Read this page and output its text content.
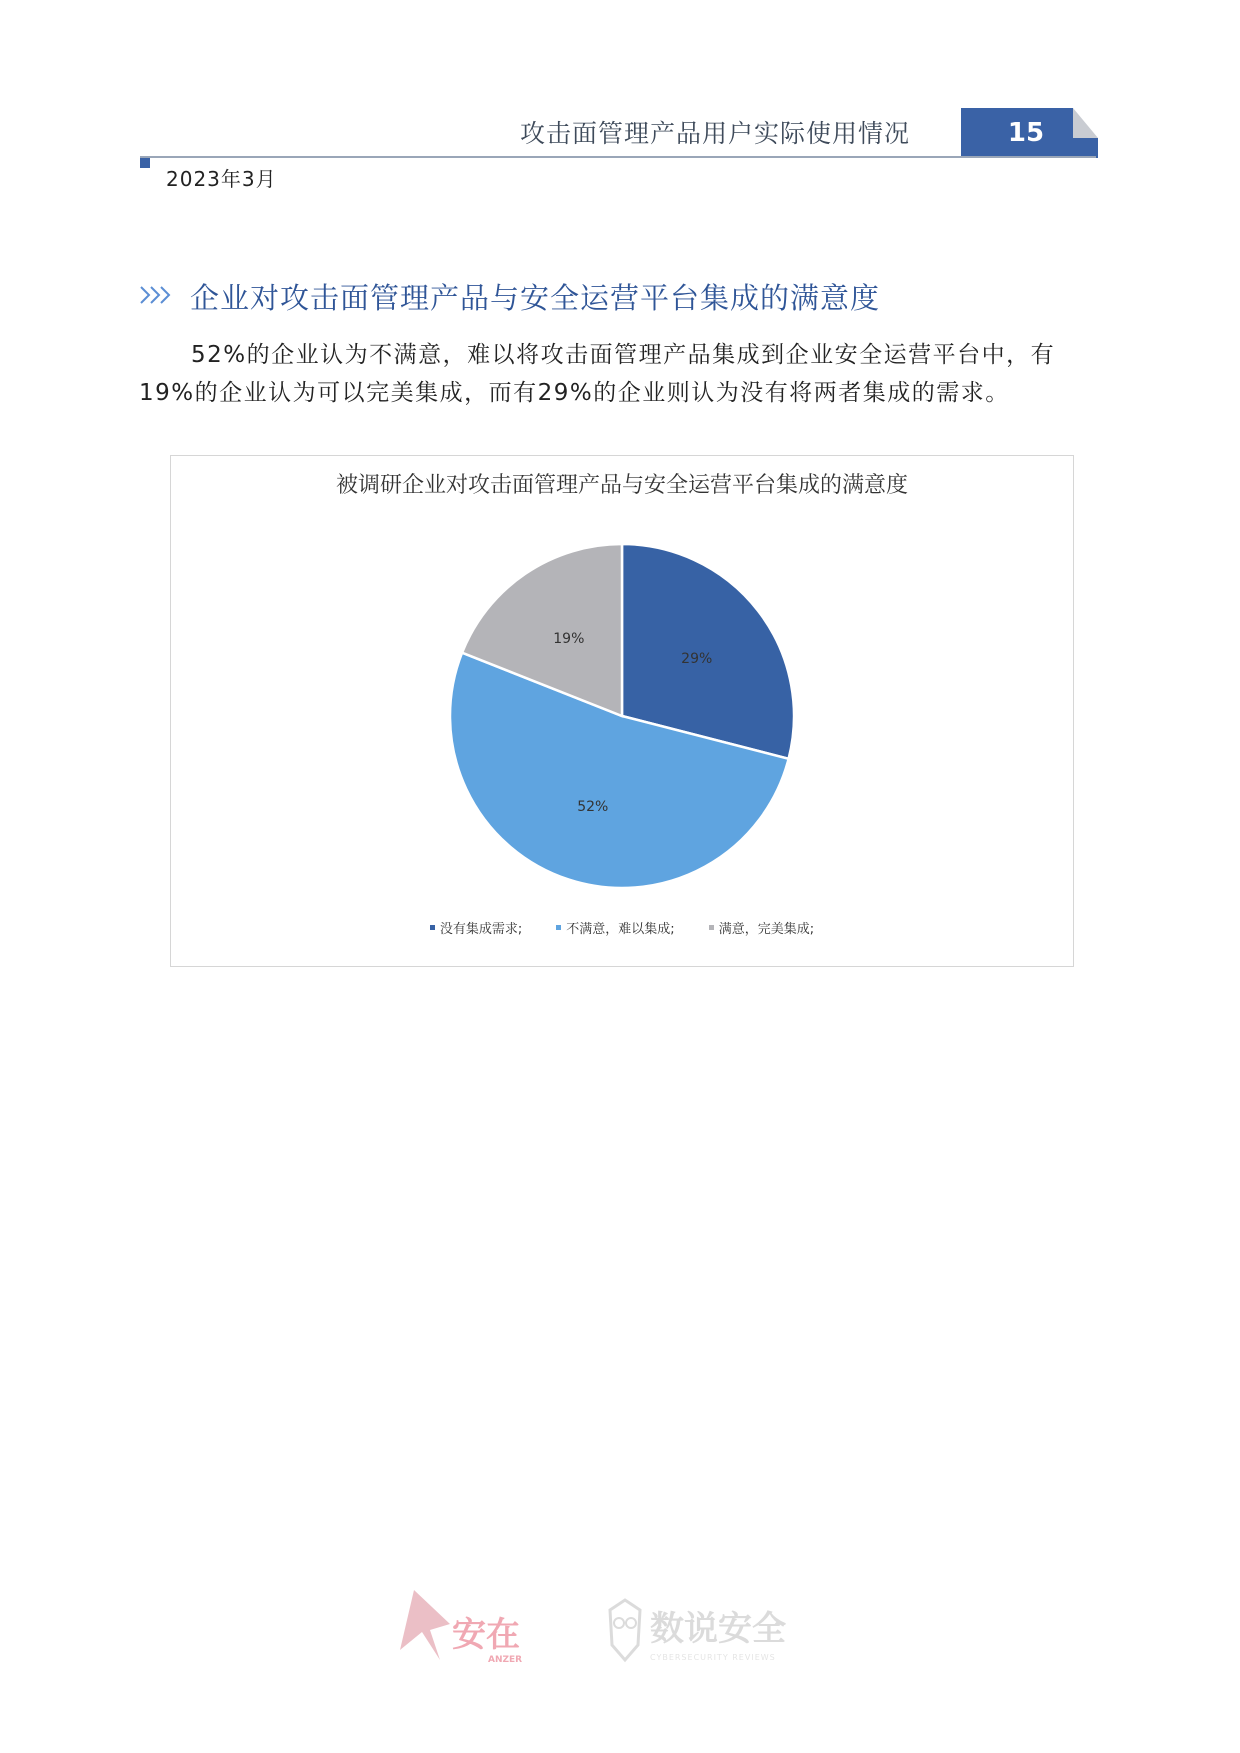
攻击面管理产品用户实际使用情况	15
2023年3月
企业对攻击面管理产品与安全运营平台集成的满意度

52%的企业认为不满意，难以将攻击面管理产品集成到企业安全运营平台中，有

19%的企业认为可以完美集成，而有29%的企业则认为没有将两者集成的需求。

被调研企业对攻击面管理产品与安全运营平台集成的满意度
29%
52%
19%
没有集成需求;	不满意，难以集成;	满意，完美集成;
安在
ANZER
数说安全
CYBERSECURITY REVIEWS
